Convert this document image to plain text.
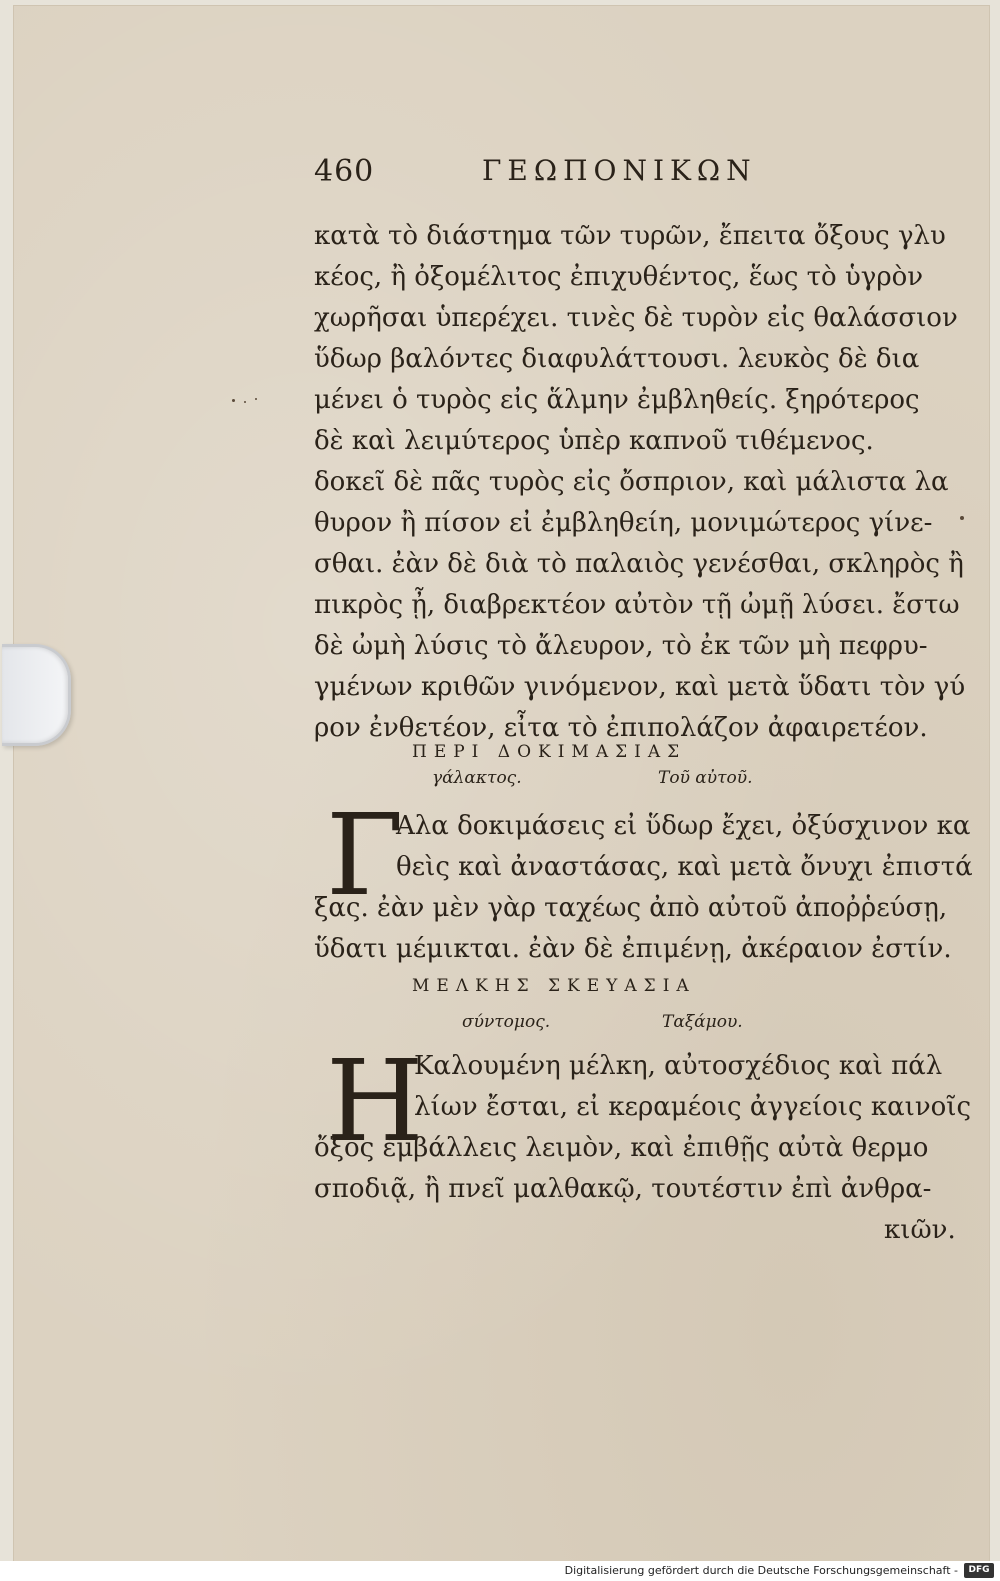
460	ΓΕΩΠΟΝΙΚΩΝ
κατὰ τὸ διάστημα τῶν τυρῶν, ἔπειτα ὄξους γλυ
κέος, ἢ ὀξομέλιτος ἐπιχυθέντος, ἕως τὸ ὑγρὸν
χωρῆσαι ὑπερέχει. τινὲς δὲ τυρὸν εἰς θαλάσσιον
ὕδωρ βαλόντες διαφυλάττουσι. λευκὸς δὲ δια
μένει ὁ τυρὸς εἰς ἅλμην ἐμβληθείς. ξηρότερος
δὲ καὶ λειμύτερος ὑπὲρ καπνοῦ τιθέμενος.
δοκεῖ δὲ πᾶς τυρὸς εἰς ὄσπριον, καὶ μάλιστα λα
θυρον ἢ πίσον εἰ ἐμβληθείη, μονιμώτερος γίνε-
σθαι. ἐὰν δὲ διὰ τὸ παλαιὸς γενέσθαι, σκληρὸς ἢ
πικρὸς ᾖ, διαβρεκτέον αὐτὸν τῇ ὠμῇ λύσει. ἔστω
δὲ ὠμὴ λύσις τὸ ἄλευρον, τὸ ἐκ τῶν μὴ πεφρυ-
γμένων κριθῶν γινόμενον, καὶ μετὰ ὕδατι τὸν γύ
ρον ἐνθετέον, εἶτα τὸ ἐπιπολάζον ἀφαιρετέον.
ΠΕΡΙ ΔΟΚΙΜΑΣΙΑΣ
γάλακτος.	Τοῦ αὐτοῦ.
Γ
Αλα δοκιμάσεις εἰ ὕδωρ ἔχει, ὀξύσχινον κα
θεὶς καὶ ἀναστάσας, καὶ μετὰ ὄνυχι ἐπιστά
ξας. ἐὰν μὲν γὰρ ταχέως ἀπὸ αὐτοῦ ἀποῤῥεύσῃ,
ὕδατι μέμικται. ἐὰν δὲ ἐπιμένῃ, ἀκέραιον ἐστίν.
ΜΕΛΚΗΣ ΣΚΕΥΑΣΙΑ
σύντομος.	Ταξάμου.
Η
Καλουμένη μέλκη, αὐτοσχέδιος καὶ πάλ
λίων ἔσται, εἰ κεραμέοις ἀγγείοις καινοῖς
ὄξος ἐμβάλλεις λειμὸν, καὶ ἐπιθῇς αὐτὰ θερμο
σποδιᾷ, ἢ πνεῖ μαλθακῷ, τουτέστιν ἐπὶ ἀνθρα-
κιῶν.
Digitalisierung gefördert durch die Deutsche Forschungsgemeinschaft -	DFG
